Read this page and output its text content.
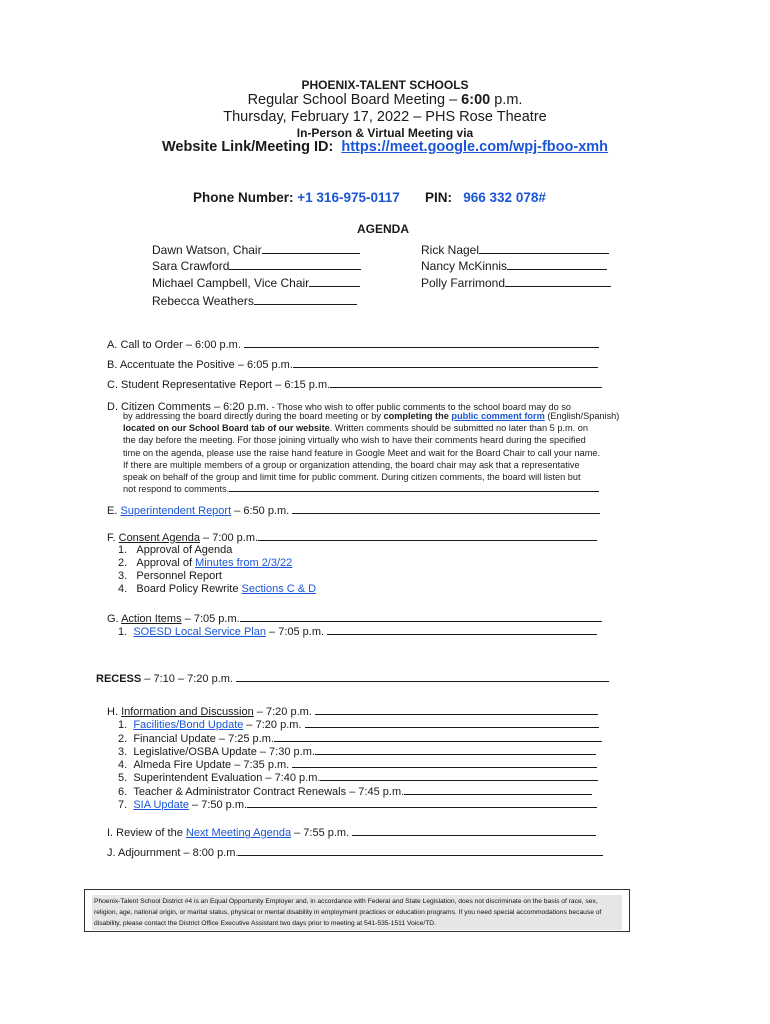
PHOENIX-TALENT SCHOOLS
Regular School Board Meeting – 6:00 p.m.
Thursday, February 17, 2022 – PHS Rose Theatre
In-Person & Virtual Meeting via
Website Link/Meeting ID: https://meet.google.com/wpj-fboo-xmh
Phone Number: +1 316-975-0117 PIN: 966 332 078#
AGENDA
Dawn Watson, Chair
Sara Crawford
Michael Campbell, Vice Chair
Rebecca Weathers
Rick Nagel
Nancy McKinnis
Polly Farrimond
A. Call to Order – 6:00 p.m.
B. Accentuate the Positive – 6:05 p.m.
C. Student Representative Report – 6:15 p.m.
D. Citizen Comments – 6:20 p.m. - Those who wish to offer public comments to the school board may do so
by addressing the board directly during the board meeting or by completing the public comment form (English/Spanish)
located on our School Board tab of our website. Written comments should be submitted no later than 5 p.m. on
the day before the meeting. For those joining virtually who wish to have their comments heard during the specified
time on the agenda, please use the raise hand feature in Google Meet and wait for the Board Chair to call your name.
If there are multiple members of a group or organization attending, the board chair may ask that a representative
speak on behalf of the group and limit time for public comment. During citizen comments, the board will listen but
not respond to comments.
E. Superintendent Report – 6:50 p.m.
F. Consent Agenda – 7:00 p.m.
1. Approval of Agenda
2. Approval of Minutes from 2/3/22
3. Personnel Report
4. Board Policy Rewrite Sections C & D
G. Action Items – 7:05 p.m.
1. SOESD Local Service Plan – 7:05 p.m.
RECESS – 7:10 – 7:20 p.m.
H. Information and Discussion – 7:20 p.m.
1. Facilities/Bond Update – 7:20 p.m.
2. Financial Update – 7:25 p.m.
3. Legislative/OSBA Update – 7:30 p.m.
4. Almeda Fire Update – 7:35 p.m.
5. Superintendent Evaluation – 7:40 p.m.
6. Teacher & Administrator Contract Renewals – 7:45 p.m.
7. SIA Update – 7:50 p.m.
I. Review of the Next Meeting Agenda – 7:55 p.m.
J. Adjournment – 8:00 p.m.
Phoenix-Talent School District #4 is an Equal Opportunity Employer and, in accordance with Federal and State Legislation, does not discriminate on the basis of race, sex, religion, age, national origin, or marital status, physical or mental disability in employment practices or education programs. If you need special accommodations because of disability, please contact the District Office Executive Assistant two days prior to meeting at 541-535-1511 Voice/TD.
